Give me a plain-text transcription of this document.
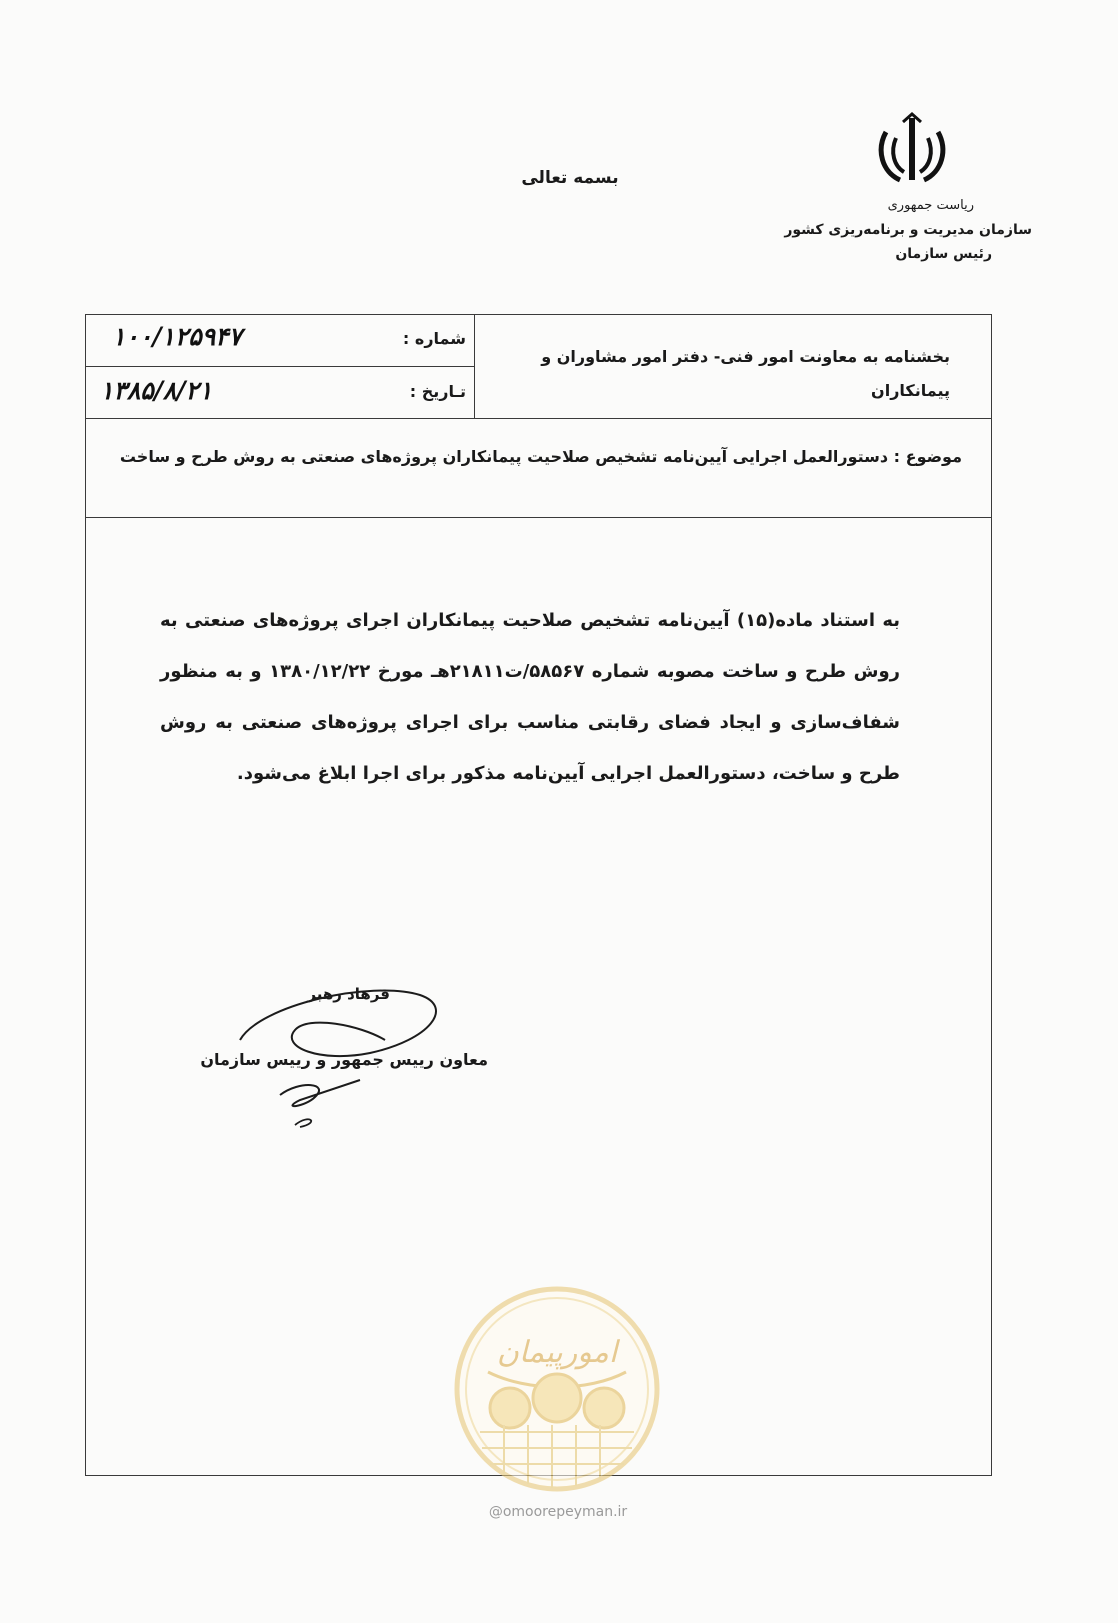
بسمه تعالی
ریاست جمهوری
سازمان مدیریت و برنامه‌ریزی کشور
رئیس سازمان
بخشنامه به معاونت امور فنی- دفتر امور مشاوران و پیمانکاران
شماره :
۱۰۰/۱۲۵۹۴۷
تـاریخ :
۱۳۸۵/۸/۲۱
موضوع : دستورالعمل اجرایی آیین‌نامه تشخیص صلاحیت پیمانکاران پروژه‌های صنعتی به روش طرح و ساخت
به استناد ماده(۱۵) آیین‌نامه تشخیص صلاحیت پیمانکاران اجرای پروژه‌های صنعتی به روش طرح و ساخت مصوبه شماره ۵۸۵۶۷/ت۲۱۸۱۱هـ مورخ ۱۳۸۰/۱۲/۲۲ و به منظور شفاف‌سازی و ایجاد فضای رقابتی مناسب برای اجرای پروژه‌های صنعتی به روش طرح و ساخت، دستورالعمل اجرایی آیین‌نامه مذکور برای اجرا ابلاغ می‌شود.
فرهاد رهبر
معاون رییس جمهور و رییس سازمان
امورپیمان
@omoorepeyman.ir
